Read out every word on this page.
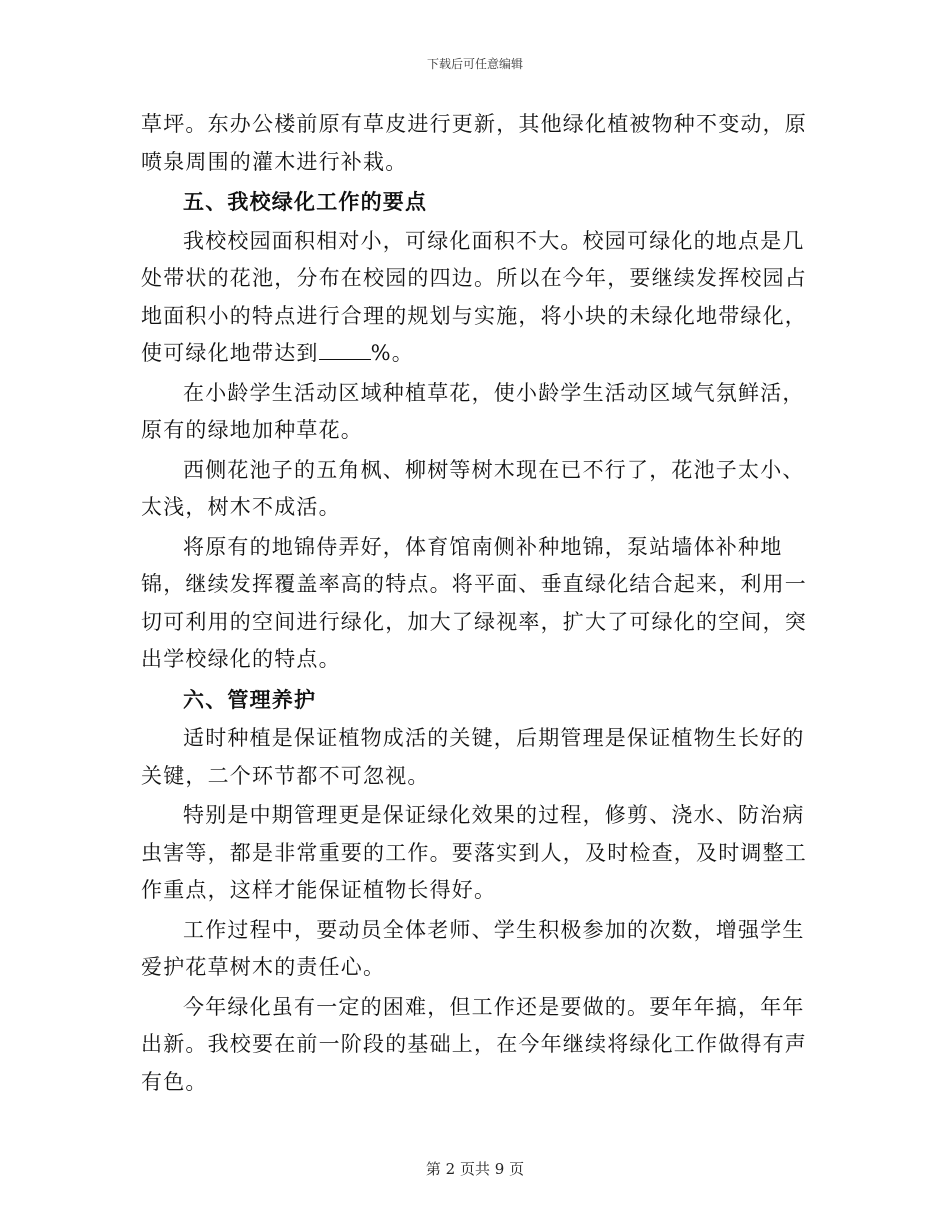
下载后可任意编辑

草坪。东办公楼前原有草皮进行更新，其他绿化植被物种不变动，原喷泉周围的灌木进行补栽。

五、我校绿化工作的要点

我校校园面积相对小，可绿化面积不大。校园可绿化的地点是几处带状的花池，分布在校园的四边。所以在今年，要继续发挥校园占地面积小的特点进行合理的规划与实施，将小块的未绿化地带绿化，使可绿化地带达到 %。

在小龄学生活动区域种植草花，使小龄学生活动区域气氛鲜活，原有的绿地加种草花。

西侧花池子的五角枫、柳树等树木现在已不行了，花池子太小、太浅，树木不成活。

将原有的地锦侍弄好，体育馆南侧补种地锦，泵站墙体补种地锦，继续发挥覆盖率高的特点。将平面、垂直绿化结合起来，利用一切可利用的空间进行绿化，加大了绿视率，扩大了可绿化的空间，突出学校绿化的特点。

六、管理养护

适时种植是保证植物成活的关键，后期管理是保证植物生长好的关键，二个环节都不可忽视。

特别是中期管理更是保证绿化效果的过程，修剪、浇水、防治病虫害等，都是非常重要的工作。要落实到人，及时检查，及时调整工作重点，这样才能保证植物长得好。

工作过程中，要动员全体老师、学生积极参加的次数，增强学生爱护花草树木的责任心。

今年绿化虽有一定的困难，但工作还是要做的。要年年搞，年年出新。我校要在前一阶段的基础上，在今年继续将绿化工作做得有声有色。

第 2 页共 9 页
